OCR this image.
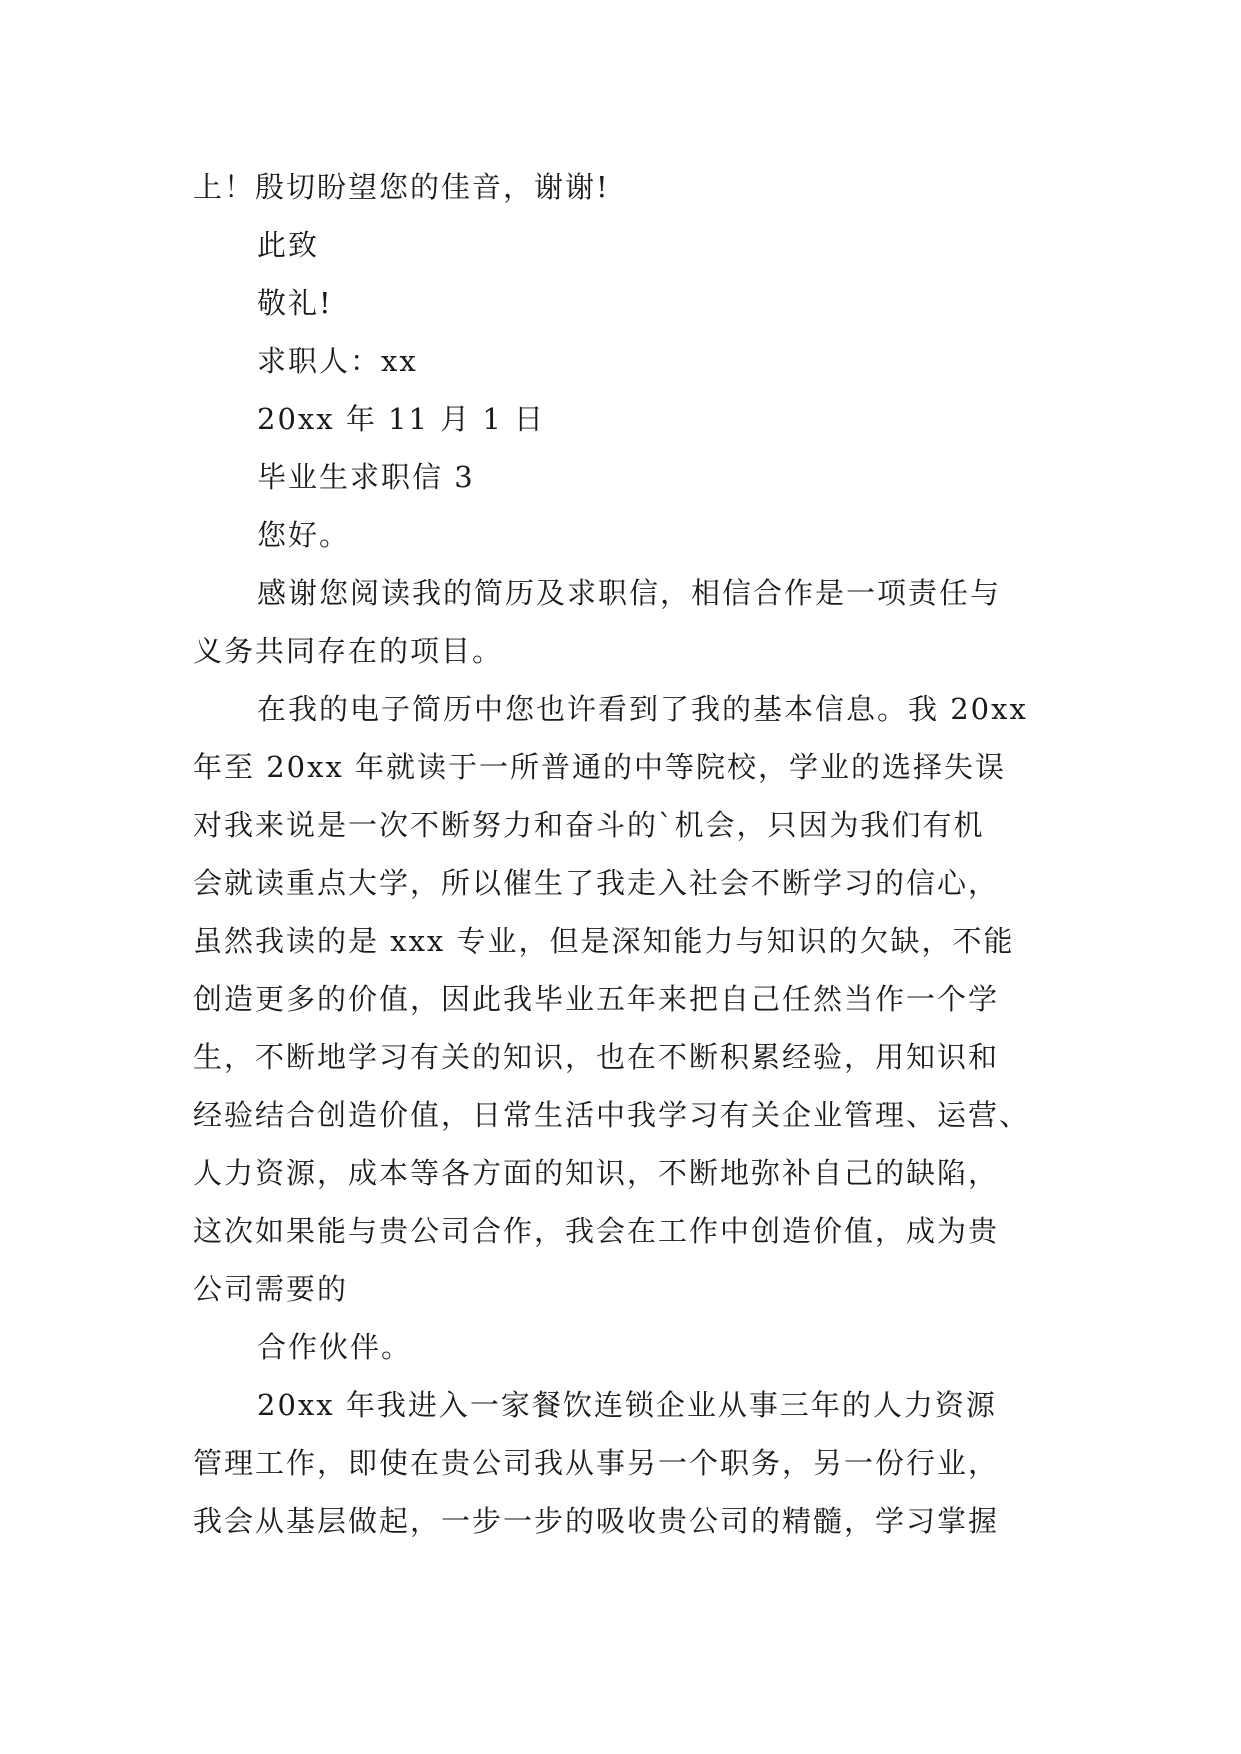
上！殷切盼望您的佳音，谢谢!
此致
敬礼!
求职人：xx
20xx 年 11 月 1 日
毕业生求职信 3
您好。
感谢您阅读我的简历及求职信，相信合作是一项责任与
义务共同存在的项目。
在我的电子简历中您也许看到了我的基本信息。我 20xx
年至 20xx 年就读于一所普通的中等院校，学业的选择失误
对我来说是一次不断努力和奋斗的`机会，只因为我们有机
会就读重点大学，所以催生了我走入社会不断学习的信心，
虽然我读的是 xxx 专业，但是深知能力与知识的欠缺，不能
创造更多的价值，因此我毕业五年来把自己任然当作一个学
生，不断地学习有关的知识，也在不断积累经验，用知识和
经验结合创造价值，日常生活中我学习有关企业管理、运营、
人力资源，成本等各方面的知识，不断地弥补自己的缺陷，
这次如果能与贵公司合作，我会在工作中创造价值，成为贵
公司需要的
合作伙伴。
20xx 年我进入一家餐饮连锁企业从事三年的人力资源
管理工作，即使在贵公司我从事另一个职务，另一份行业，
我会从基层做起，一步一步的吸收贵公司的精髓，学习掌握
